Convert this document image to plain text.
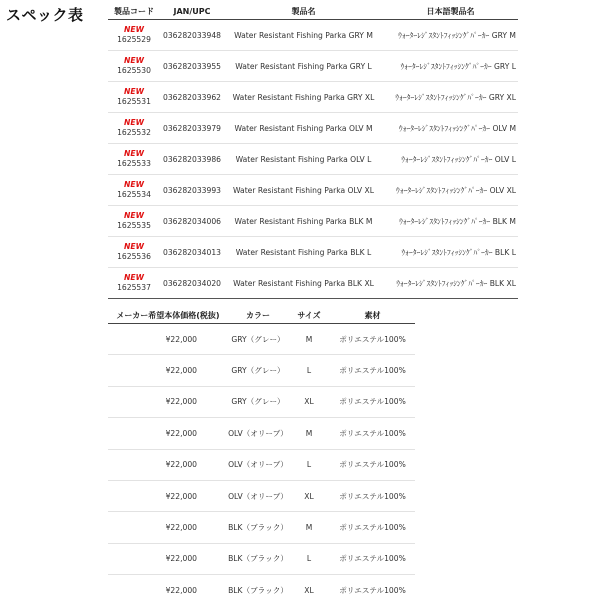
スペック表	製品コード	JAN/UPC	製品名	日本語製品名

NEW
1625529	036282033948	Water Resistant Fishing Parka GRY M	ｳｫｰﾀｰﾚｼﾞｽﾀﾝﾄﾌｨｯｼﾝｸﾞﾊﾟｰｶｰ GRY M

NEW
1625530	036282033955	Water Resistant Fishing Parka GRY L	ｳｫｰﾀｰﾚｼﾞｽﾀﾝﾄﾌｨｯｼﾝｸﾞﾊﾟｰｶｰ GRY L

NEW
1625531	036282033962	Water Resistant Fishing Parka GRY XL	ｳｫｰﾀｰﾚｼﾞｽﾀﾝﾄﾌｨｯｼﾝｸﾞﾊﾟｰｶｰ GRY XL

NEW
1625532	036282033979	Water Resistant Fishing Parka OLV M	ｳｫｰﾀｰﾚｼﾞｽﾀﾝﾄﾌｨｯｼﾝｸﾞﾊﾟｰｶｰ OLV M

NEW
1625533	036282033986	Water Resistant Fishing Parka OLV L	ｳｫｰﾀｰﾚｼﾞｽﾀﾝﾄﾌｨｯｼﾝｸﾞﾊﾟｰｶｰ OLV L

NEW
1625534	036282033993	Water Resistant Fishing Parka OLV XL	ｳｫｰﾀｰﾚｼﾞｽﾀﾝﾄﾌｨｯｼﾝｸﾞﾊﾟｰｶｰ OLV XL

NEW
1625535	036282034006	Water Resistant Fishing Parka BLK M	ｳｫｰﾀｰﾚｼﾞｽﾀﾝﾄﾌｨｯｼﾝｸﾞﾊﾟｰｶｰ BLK M

NEW
1625536	036282034013	Water Resistant Fishing Parka BLK L	ｳｫｰﾀｰﾚｼﾞｽﾀﾝﾄﾌｨｯｼﾝｸﾞﾊﾟｰｶｰ BLK L

NEW
1625537	036282034020	Water Resistant Fishing Parka BLK XL	ｳｫｰﾀｰﾚｼﾞｽﾀﾝﾄﾌｨｯｼﾝｸﾞﾊﾟｰｶｰ BLK XL
メーカー希望本体価格(税抜)	カラー	サイズ	素材
¥22,000	GRY（グレー）	M	ポリエステル100%
¥22,000	GRY（グレー）	L	ポリエステル100%
¥22,000	GRY（グレー）	XL	ポリエステル100%
¥22,000	OLV（オリーブ）	M	ポリエステル100%
¥22,000	OLV（オリーブ）	L	ポリエステル100%
¥22,000	OLV（オリーブ）	XL	ポリエステル100%
¥22,000	BLK（ブラック）	M	ポリエステル100%
¥22,000	BLK（ブラック）	L	ポリエステル100%
¥22,000	BLK（ブラック）	XL	ポリエステル100%
